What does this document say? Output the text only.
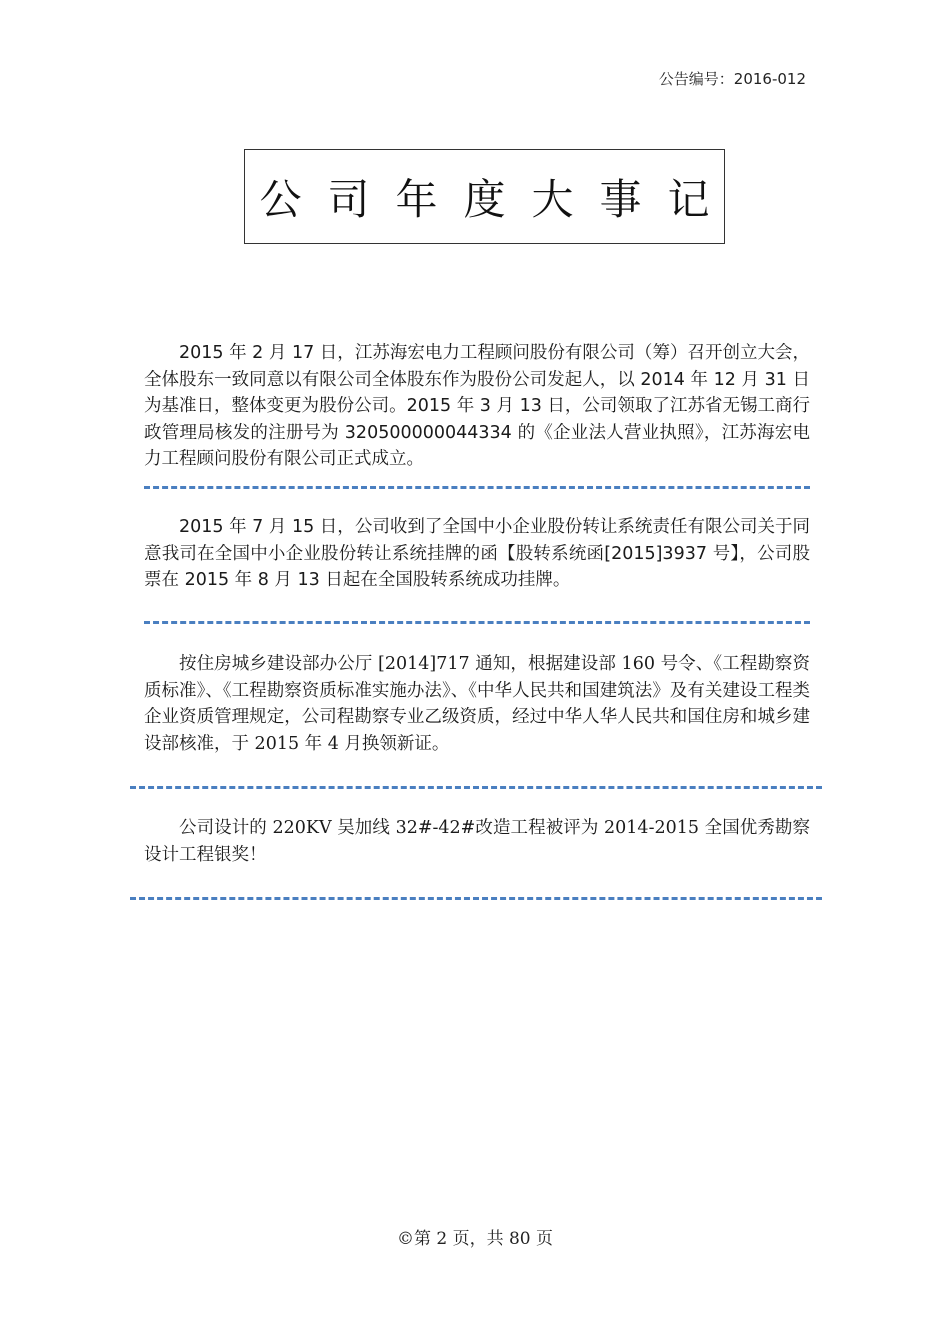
公告编号：2016-012
公司年度大事记

2015 年 2 月 17 日，江苏海宏电力工程顾问股份有限公司（筹）召开创立大会，全体股东一致同意以有限公司全体股东作为股份公司发起人，以 2014 年 12 月 31 日为基准日，整体变更为股份公司。2015 年 3 月 13 日，公司领取了江苏省无锡工商行政管理局核发的注册号为 320500000044334 的《企业法人营业执照》，江苏海宏电力工程顾问股份有限公司正式成立。

2015 年 7 月 15 日，公司收到了全国中小企业股份转让系统责任有限公司关于同意我司在全国中小企业股份转让系统挂牌的函【股转系统函[2015]3937 号】，公司股票在 2015 年 8 月 13 日起在全国股转系统成功挂牌。

按住房城乡建设部办公厅 [2014]717 通知，根据建设部 160 号令、《工程勘察资质标准》、《工程勘察资质标准实施办法》、《中华人民共和国建筑法》及有关建设工程类企业资质管理规定，公司程勘察专业乙级资质，经过中华人华人民共和国住房和城乡建设部核准，于 2015 年 4 月换领新证。

公司设计的 220KV 吴加线 32#-42#改造工程被评为 2014-2015 全国优秀勘察设计工程银奖！

©第 2 页，共 80 页
